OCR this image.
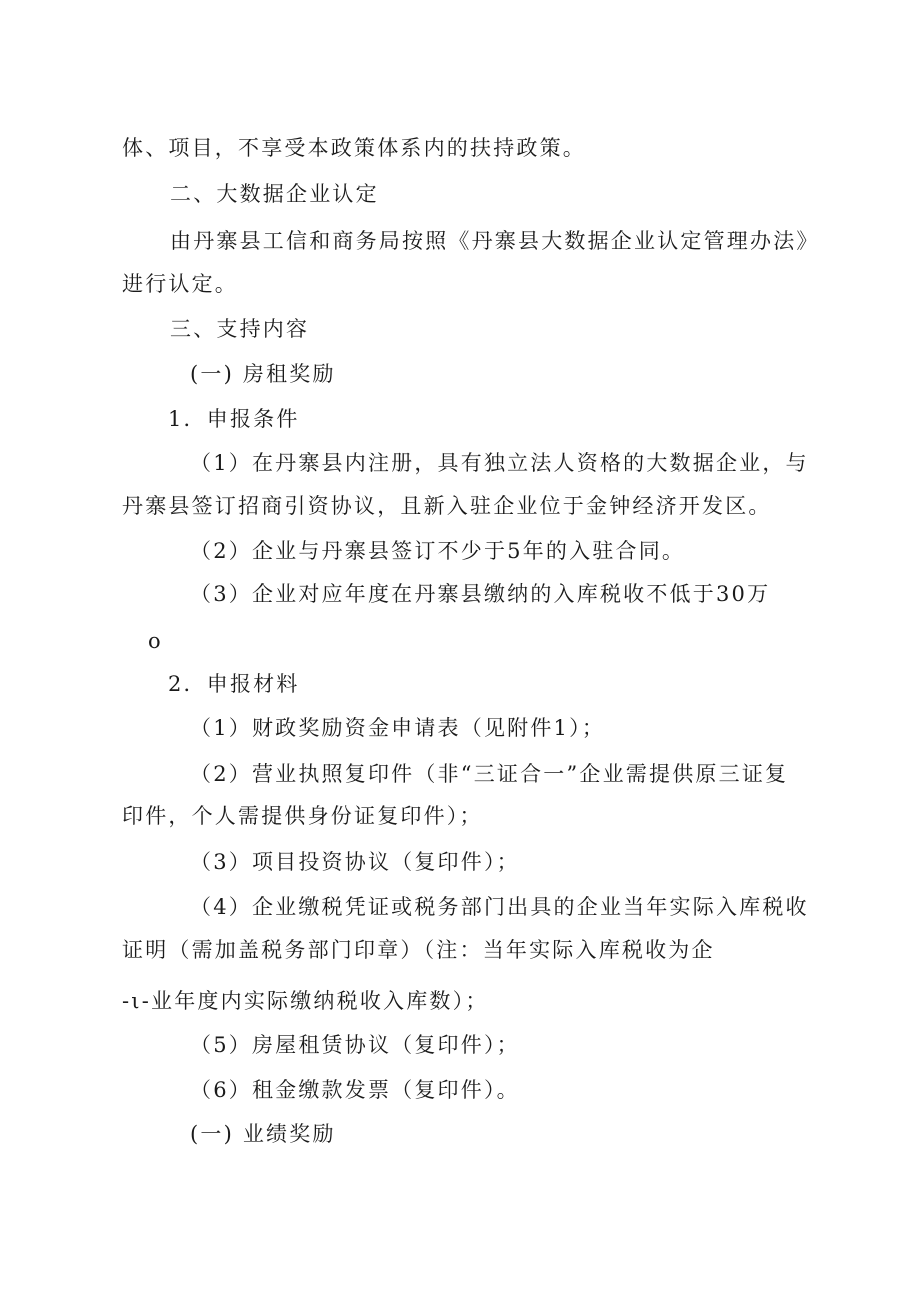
体、项目，不享受本政策体系内的扶持政策。
二、大数据企业认定
由丹寨县工信和商务局按照《丹寨县大数据企业认定管理办法》
进行认定。
三、支持内容
(一) 房租奖励
1．申报条件
（1）在丹寨县内注册，具有独立法人资格的大数据企业，与
丹寨县签订招商引资协议，且新入驻企业位于金钟经济开发区。
（2）企业与丹寨县签订不少于5年的入驻合同。
（3）企业对应年度在丹寨县缴纳的入库税收不低于30万
o
2．申报材料
（1）财政奖励资金申请表（见附件1）；
（2）营业执照复印件（非“三证合一”企业需提供原三证复
印件，个人需提供身份证复印件）；
（3）项目投资协议（复印件）；
（4）企业缴税凭证或税务部门出具的企业当年实际入库税收
证明（需加盖税务部门印章）（注：当年实际入库税收为企
-ι-业年度内实际缴纳税收入库数）；
（5）房屋租赁协议（复印件）；
（6）租金缴款发票（复印件）。
(一) 业绩奖励
